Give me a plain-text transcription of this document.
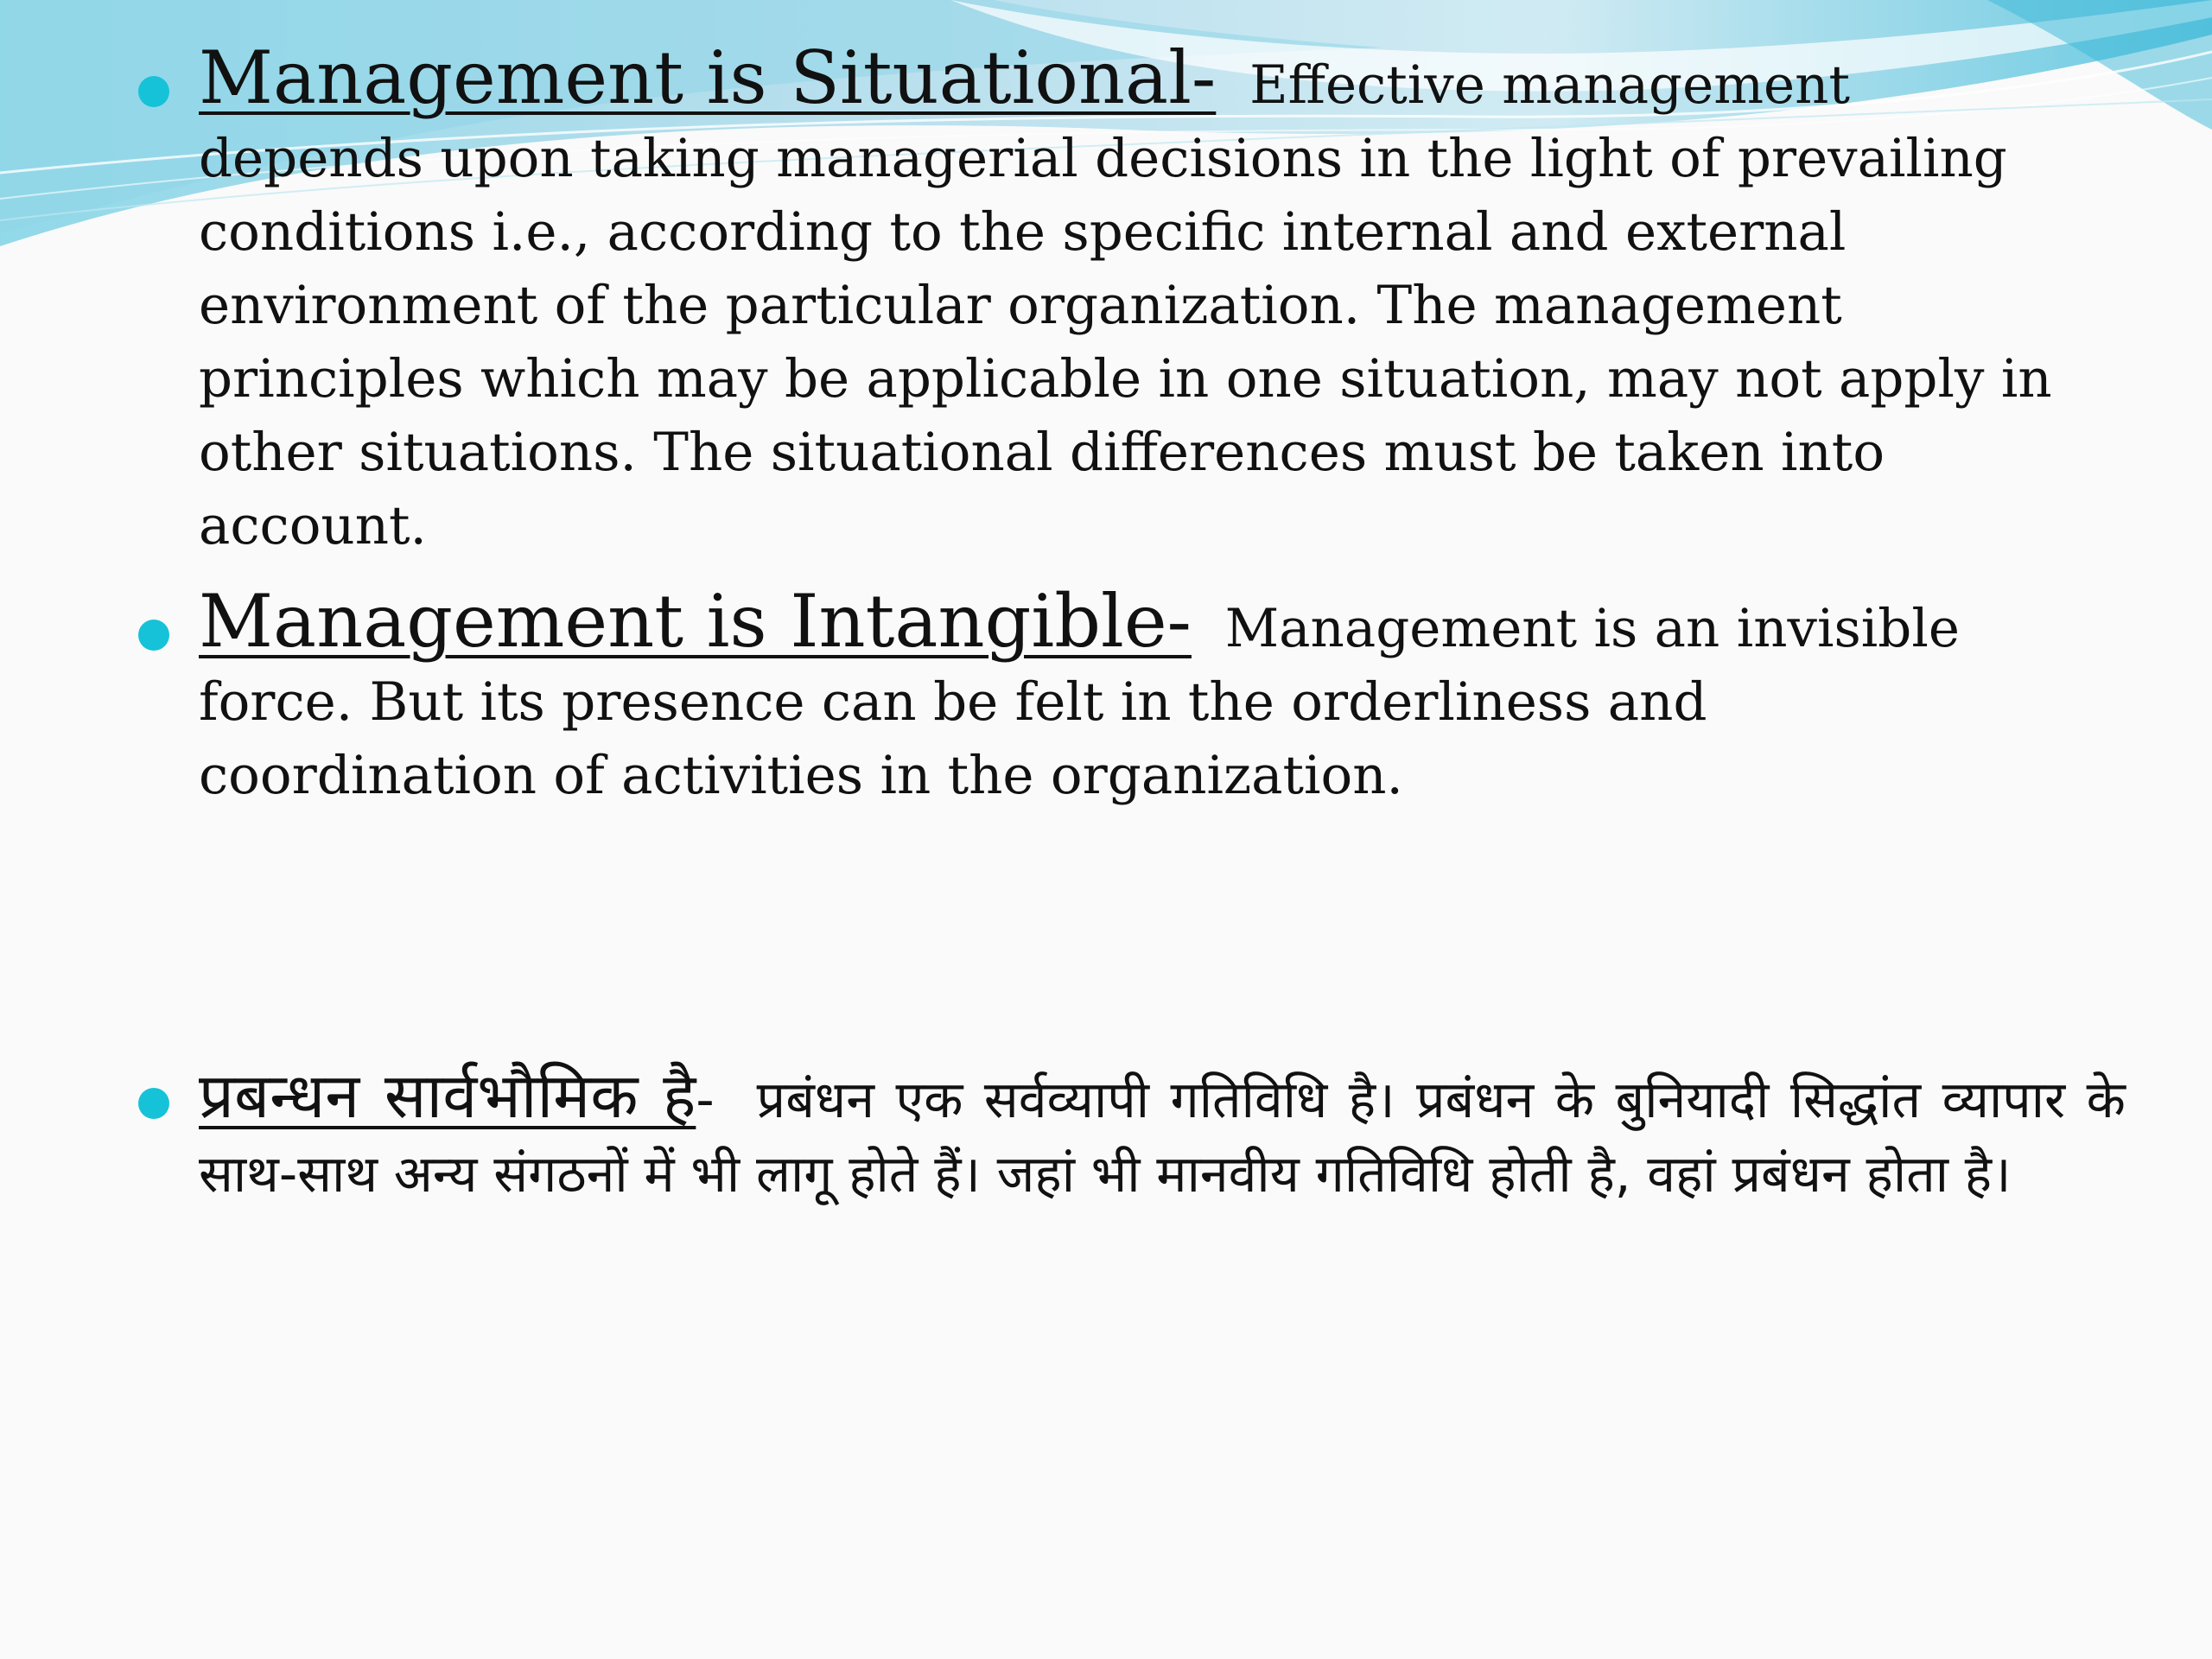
Management is Situational- Effective management depends upon taking managerial decisions in the light of prevailing conditions i.e., according to the specific internal and external environment of the particular organization. The management principles which may be applicable in one situation, may not apply in other situations. The situational differences must be taken into account.
Management is Intangible- Management is an invisible force. But its presence can be felt in the orderliness and coordination of activities in the organization.
प्रबन्धन सार्वभौमिक है- प्रबंधन एक सर्वव्यापी गतिविधि है। प्रबंधन के बुनियादी सिद्धांत व्यापार के साथ-साथ अन्य संगठनों में भी लागू होते हैं। जहां भी मानवीय गतिविधि होती है, वहां प्रबंधन होता है।
